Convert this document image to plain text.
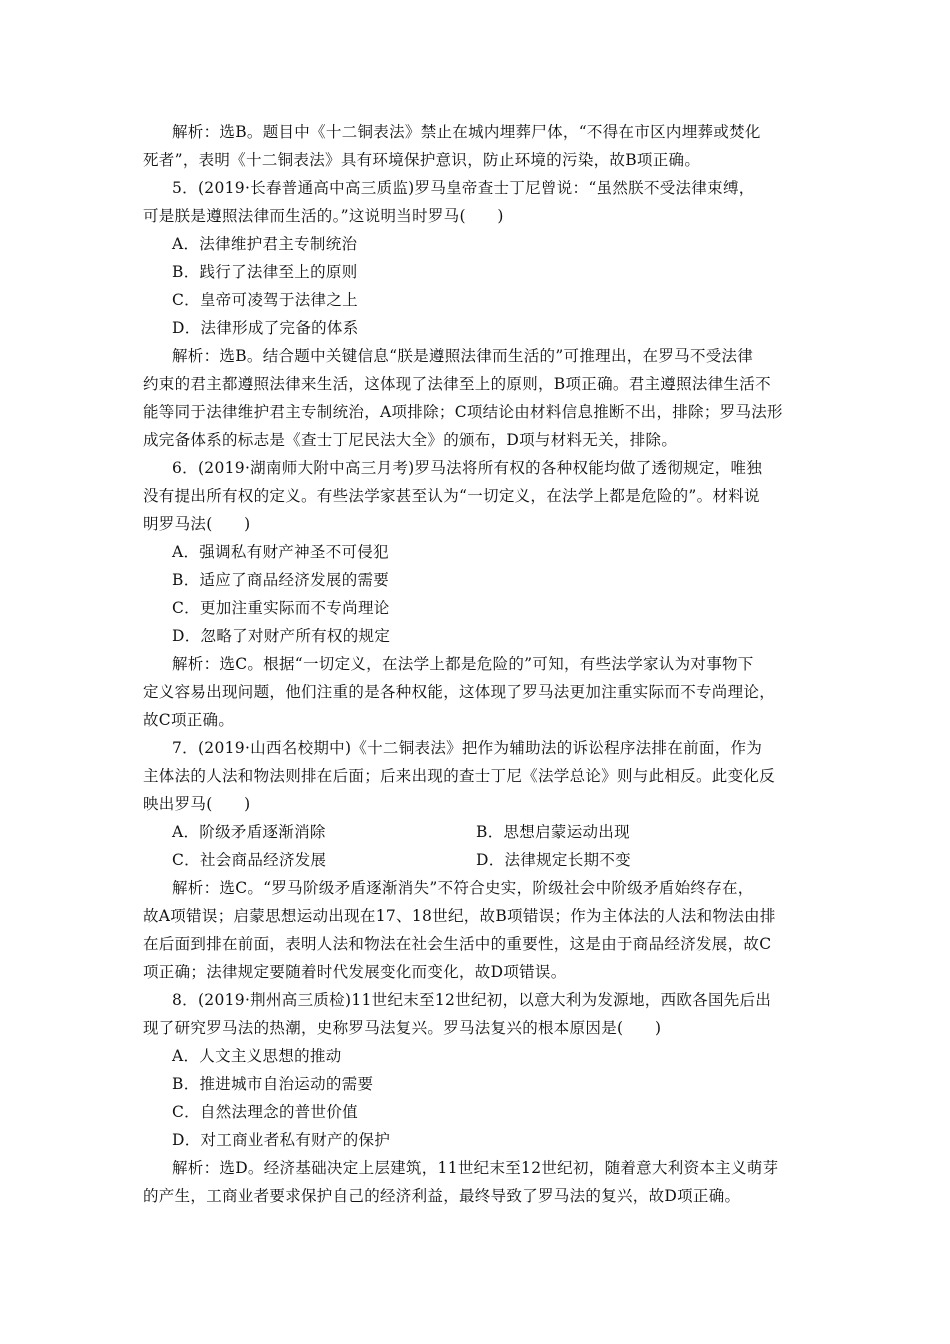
解析：选B。题目中《十二铜表法》禁止在城内埋葬尸体，“不得在市区内埋葬或焚化
死者”，表明《十二铜表法》具有环境保护意识，防止环境的污染，故B项正确。
5．(2019·长春普通高中高三质监)罗马皇帝查士丁尼曾说：“虽然朕不受法律束缚，
可是朕是遵照法律而生活的。”这说明当时罗马(　　)
A．法律维护君主专制统治
B．践行了法律至上的原则
C．皇帝可凌驾于法律之上
D．法律形成了完备的体系
解析：选B。结合题中关键信息“朕是遵照法律而生活的”可推理出，在罗马不受法律
约束的君主都遵照法律来生活，这体现了法律至上的原则，B项正确。君主遵照法律生活不
能等同于法律维护君主专制统治，A项排除；C项结论由材料信息推断不出，排除；罗马法形
成完备体系的标志是《查士丁尼民法大全》的颁布，D项与材料无关，排除。
6．(2019·湖南师大附中高三月考)罗马法将所有权的各种权能均做了透彻规定，唯独
没有提出所有权的定义。有些法学家甚至认为“一切定义，在法学上都是危险的”。材料说
明罗马法(　　)
A．强调私有财产神圣不可侵犯
B．适应了商品经济发展的需要
C．更加注重实际而不专尚理论
D．忽略了对财产所有权的规定
解析：选C。根据“一切定义，在法学上都是危险的”可知，有些法学家认为对事物下
定义容易出现问题，他们注重的是各种权能，这体现了罗马法更加注重实际而不专尚理论，
故C项正确。
7．(2019·山西名校期中)《十二铜表法》把作为辅助法的诉讼程序法排在前面，作为
主体法的人法和物法则排在后面；后来出现的查士丁尼《法学总论》则与此相反。此变化反
映出罗马(　　)
A．阶级矛盾逐渐消除	B．思想启蒙运动出现
C．社会商品经济发展	D．法律规定长期不变
解析：选C。“罗马阶级矛盾逐渐消失”不符合史实，阶级社会中阶级矛盾始终存在，
故A项错误；启蒙思想运动出现在17、18世纪，故B项错误；作为主体法的人法和物法由排
在后面到排在前面，表明人法和物法在社会生活中的重要性，这是由于商品经济发展，故C
项正确；法律规定要随着时代发展变化而变化，故D项错误。
8．(2019·荆州高三质检)11世纪末至12世纪初，以意大利为发源地，西欧各国先后出
现了研究罗马法的热潮，史称罗马法复兴。罗马法复兴的根本原因是(　　)
A．人文主义思想的推动
B．推进城市自治运动的需要
C．自然法理念的普世价值
D．对工商业者私有财产的保护
解析：选D。经济基础决定上层建筑，11世纪末至12世纪初，随着意大利资本主义萌芽
的产生，工商业者要求保护自己的经济利益，最终导致了罗马法的复兴，故D项正确。
